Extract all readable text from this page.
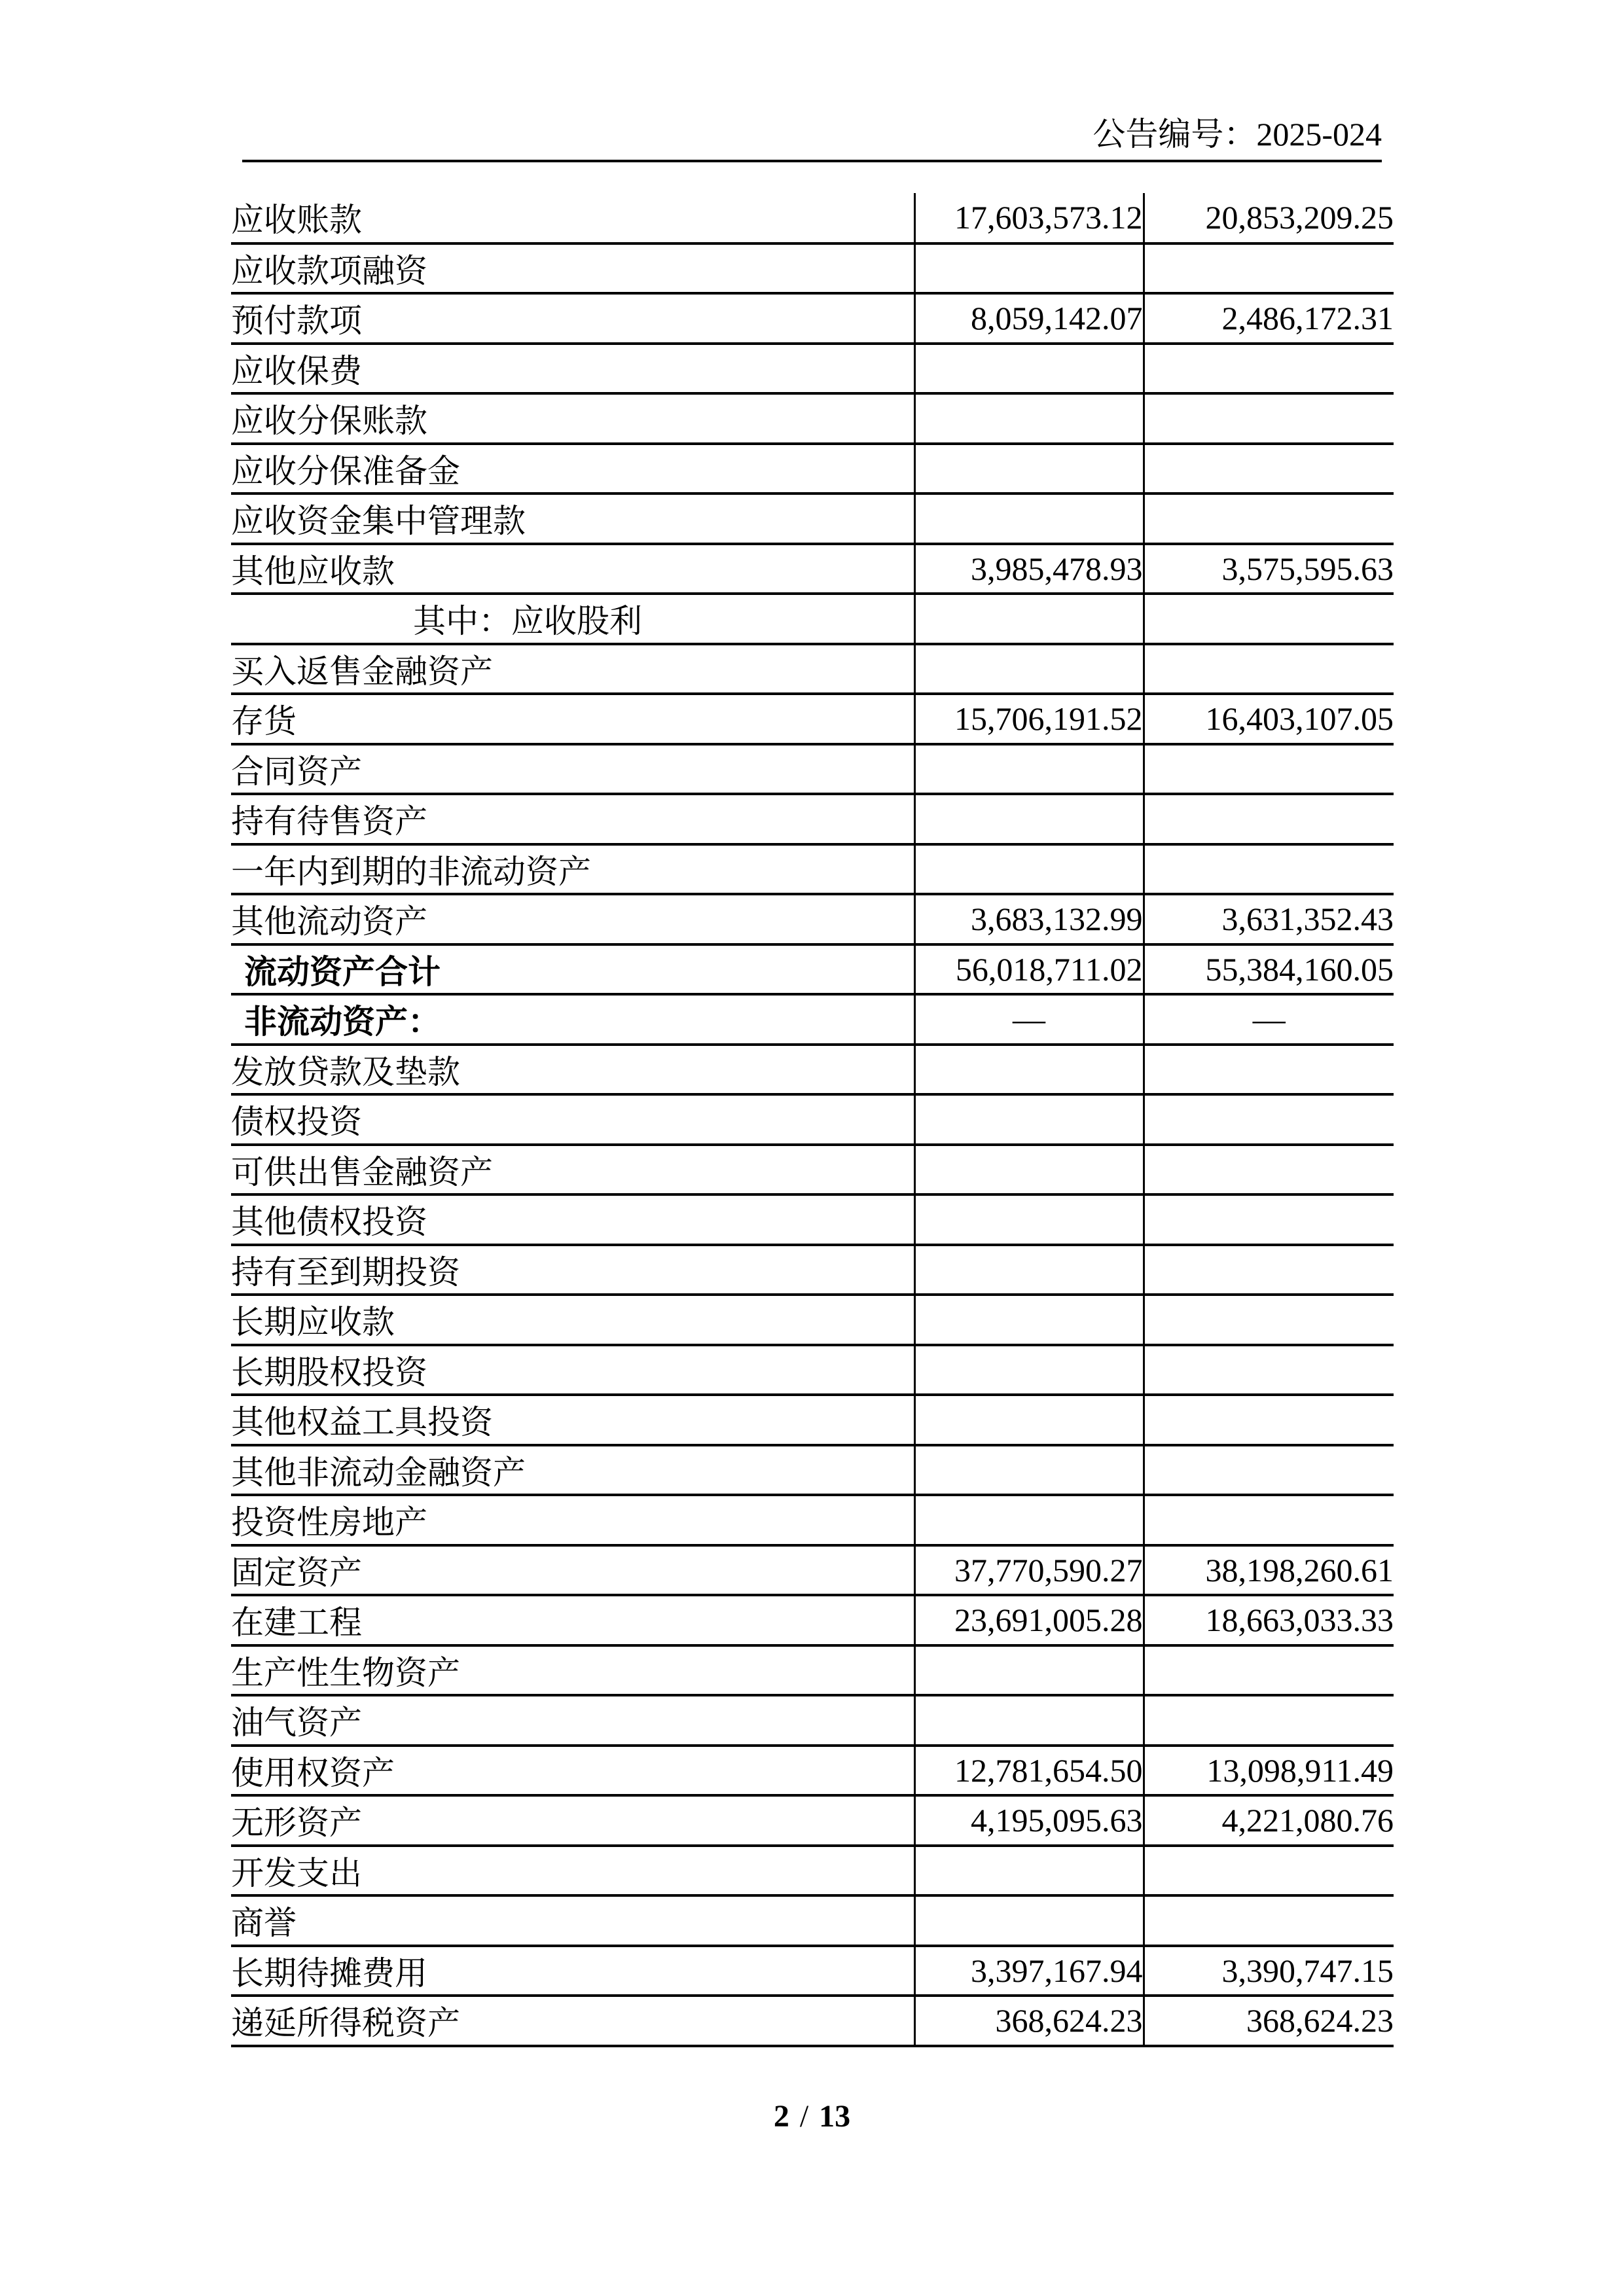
公告编号：2025-024
应收账款	17,603,573.12	20,853,209.25
应收款项融资		
预付款项	8,059,142.07	2,486,172.31
应收保费		
应收分保账款		
应收分保准备金		
应收资金集中管理款		
其他应收款	3,985,478.93	3,575,595.63
其中：应收股利		
买入返售金融资产		
存货	15,706,191.52	16,403,107.05
合同资产		
持有待售资产		
一年内到期的非流动资产		
其他流动资产	3,683,132.99	3,631,352.43
流动资产合计	56,018,711.02	55,384,160.05
非流动资产：	—	—
发放贷款及垫款		
债权投资		
可供出售金融资产		
其他债权投资		
持有至到期投资		
长期应收款		
长期股权投资		
其他权益工具投资		
其他非流动金融资产		
投资性房地产		
固定资产	37,770,590.27	38,198,260.61
在建工程	23,691,005.28	18,663,033.33
生产性生物资产		
油气资产		
使用权资产	12,781,654.50	13,098,911.49
无形资产	4,195,095.63	4,221,080.76
开发支出		
商誉		
长期待摊费用	3,397,167.94	3,390,747.15
递延所得税资产	368,624.23	368,624.23
2 / 13
